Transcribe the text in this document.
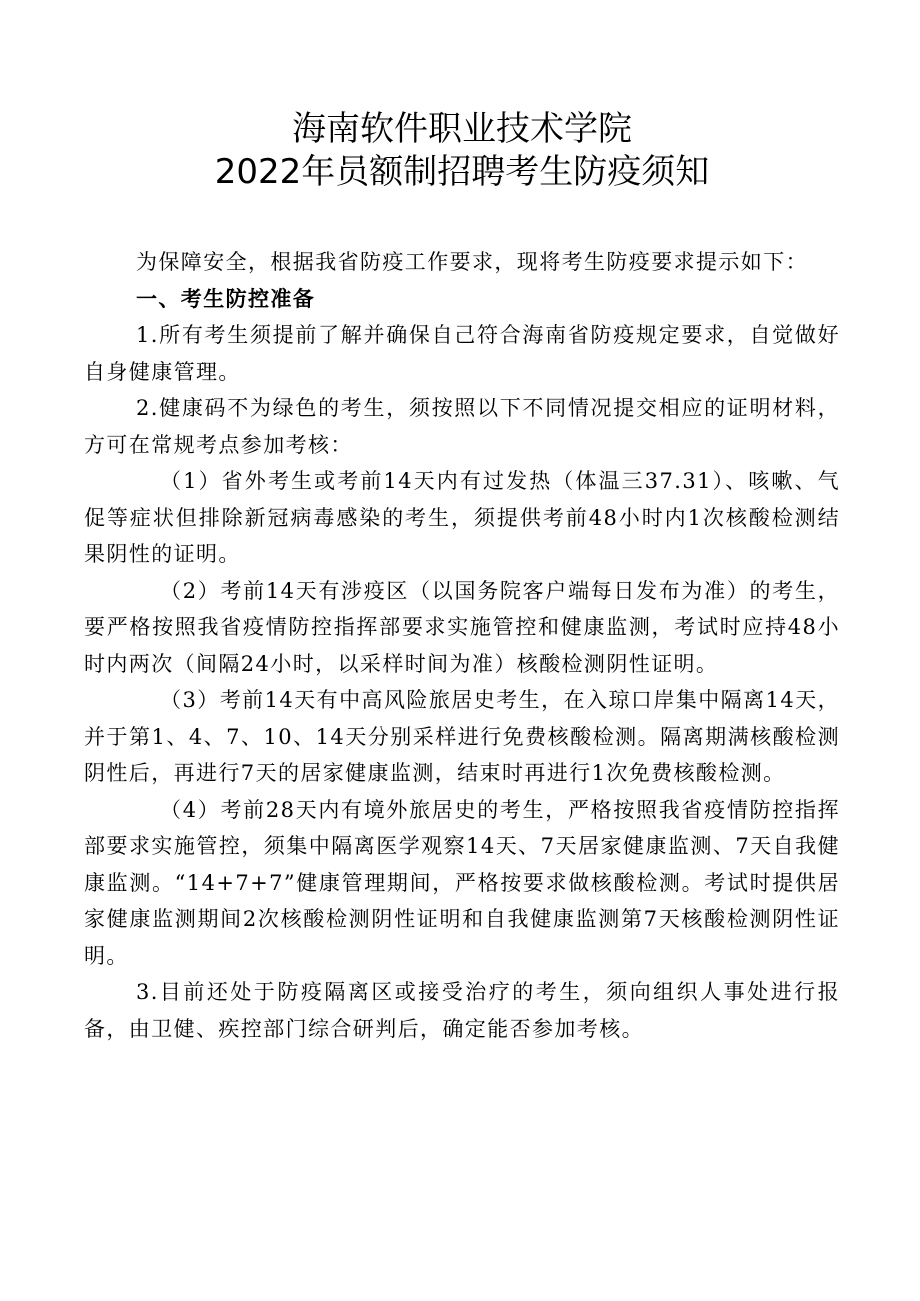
海南软件职业技术学院
2022年员额制招聘考生防疫须知

为保障安全，根据我省防疫工作要求，现将考生防疫要求提示如下：

一、考生防控准备

1.所有考生须提前了解并确保自己符合海南省防疫规定要求，自觉做好自身健康管理。

2.健康码不为绿色的考生，须按照以下不同情况提交相应的证明材料，方可在常规考点参加考核：

（1）省外考生或考前14天内有过发热（体温三37.31）、咳嗽、气促等症状但排除新冠病毒感染的考生，须提供考前48小时内1次核酸检测结果阴性的证明。

（2）考前14天有涉疫区（以国务院客户端每日发布为准）的考生，要严格按照我省疫情防控指挥部要求实施管控和健康监测，考试时应持48小时内两次（间隔24小时，以采样时间为准）核酸检测阴性证明。

（3）考前14天有中高风险旅居史考生，在入琼口岸集中隔离14天，并于第1、4、7、10、14天分别采样进行免费核酸检测。隔离期满核酸检测阴性后，再进行7天的居家健康监测，结束时再进行1次免费核酸检测。

（4）考前28天内有境外旅居史的考生，严格按照我省疫情防控指挥部要求实施管控，须集中隔离医学观察14天、7天居家健康监测、7天自我健康监测。“14+7+7”健康管理期间，严格按要求做核酸检测。考试时提供居家健康监测期间2次核酸检测阴性证明和自我健康监测第7天核酸检测阴性证明。

3.目前还处于防疫隔离区或接受治疗的考生，须向组织人事处进行报备，由卫健、疾控部门综合研判后，确定能否参加考核。
